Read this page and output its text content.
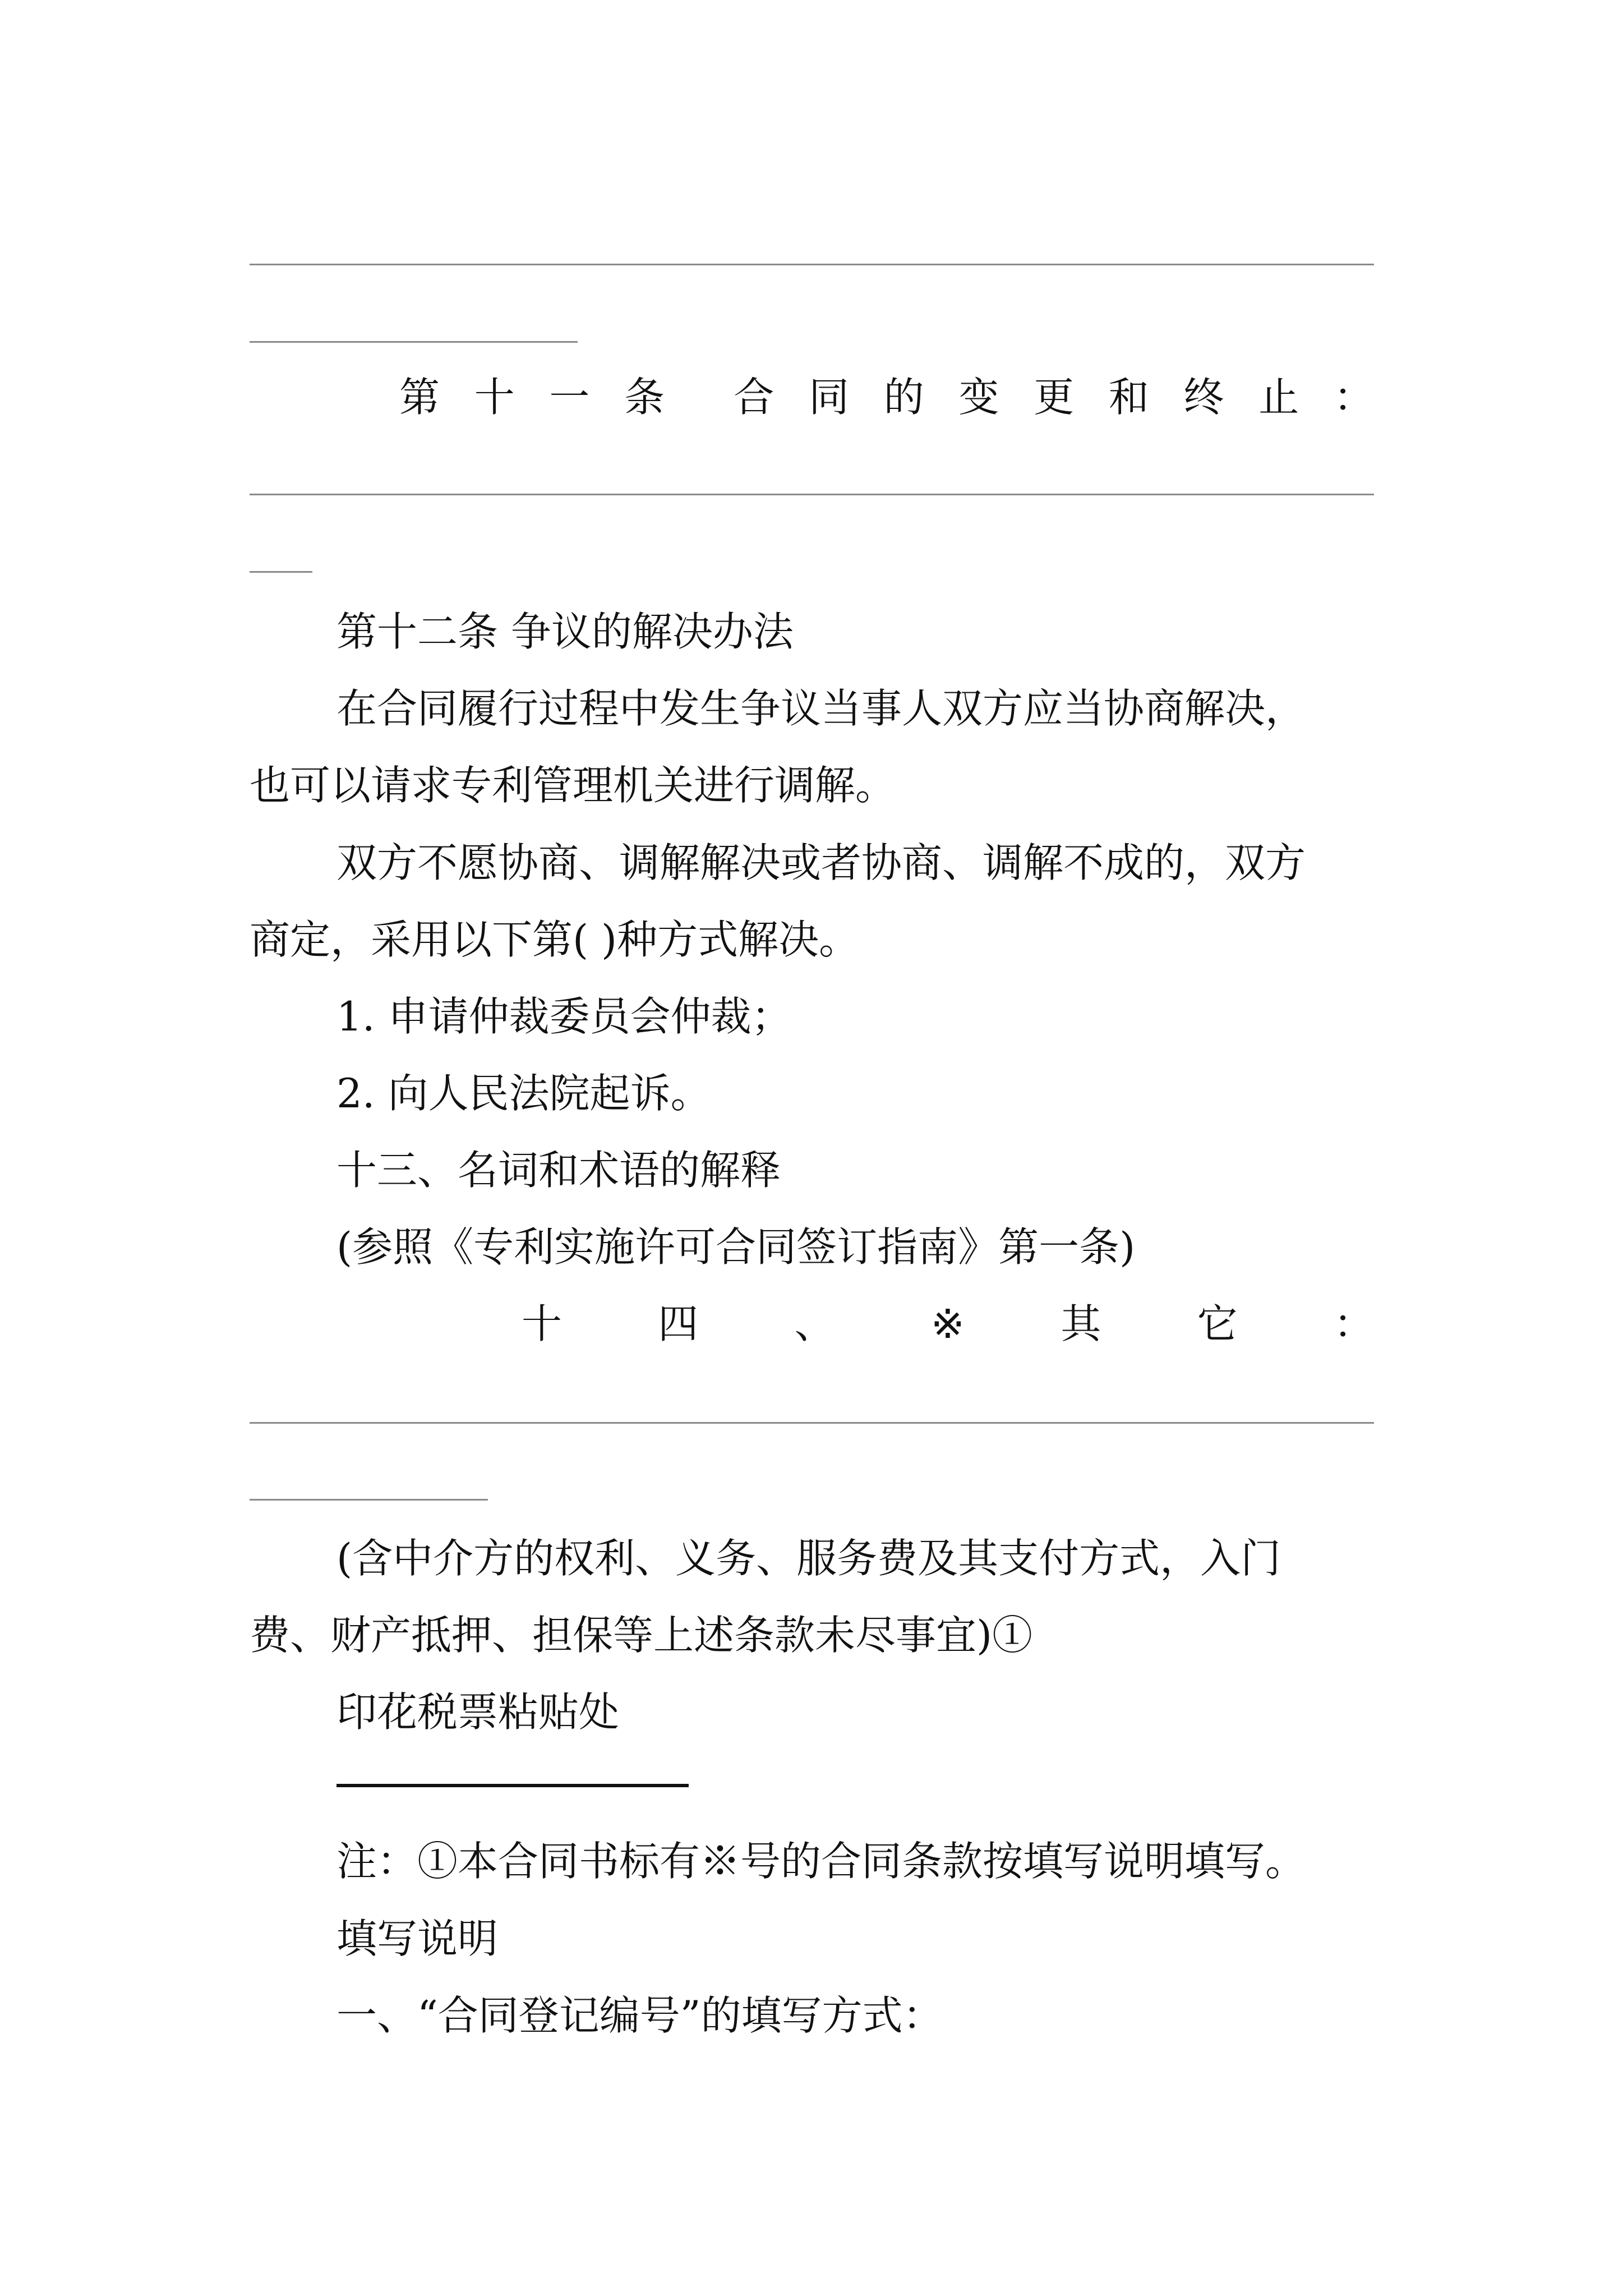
第 十 一 条 合 同 的 变 更 和 终 止 ：
第十二条 争议的解决办法
在合同履行过程中发生争议当事人双方应当协商解决，
也可以请求专利管理机关进行调解。
双方不愿协商、调解解决或者协商、调解不成的，双方
商定，采用以下第( )种方式解决。
1. 申请仲裁委员会仲裁；
2. 向人民法院起诉。
十三、名词和术语的解释
(参照《专利实施许可合同签订指南》第一条)
十 四 、 ※ 其 它 ：
(含中介方的权利、义务、服务费及其支付方式，入门
费、财产抵押、担保等上述条款未尽事宜)①
印花税票粘贴处
注：①本合同书标有※号的合同条款按填写说明填写。
填写说明
一、“合同登记编号”的填写方式：
